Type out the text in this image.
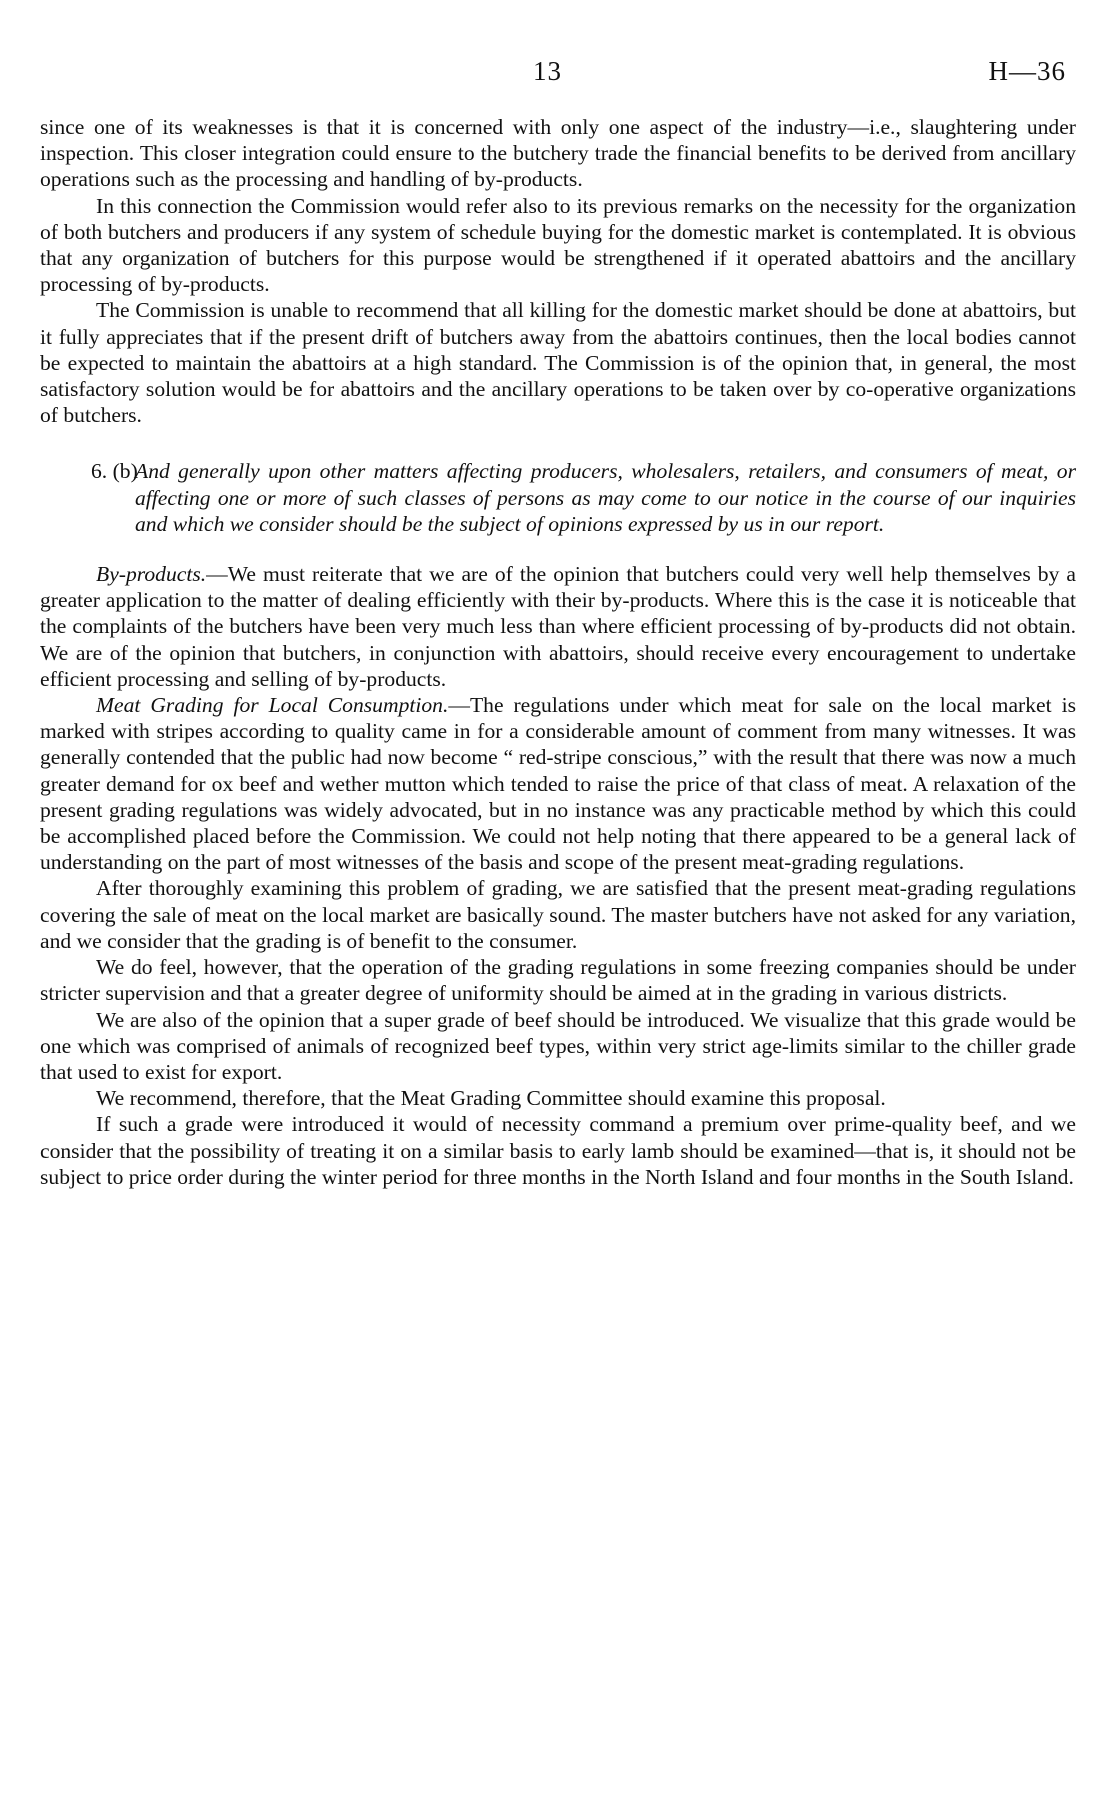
13	H—36

since one of its weaknesses is that it is concerned with only one aspect of the industry—i.e., slaughtering under inspection. This closer integration could ensure to the butchery trade the financial benefits to be derived from ancillary operations such as the processing and handling of by-products.

In this connection the Commission would refer also to its previous remarks on the necessity for the organization of both butchers and producers if any system of schedule buying for the domestic market is contemplated. It is obvious that any organization of butchers for this purpose would be strengthened if it operated abattoirs and the ancillary processing of by-products.

The Commission is unable to recommend that all killing for the domestic market should be done at abattoirs, but it fully appreciates that if the present drift of butchers away from the abattoirs continues, then the local bodies cannot be expected to maintain the abattoirs at a high standard. The Commission is of the opinion that, in general, the most satisfactory solution would be for abattoirs and the ancillary operations to be taken over by co-operative organizations of butchers.

6. (b)
And generally upon other matters affecting producers, wholesalers, retailers, and consumers of meat, or affecting one or more of such classes of persons as may come to our notice in the course of our inquiries and which we consider should be the subject of opinions expressed by us in our report.

By-products.—We must reiterate that we are of the opinion that butchers could very well help themselves by a greater application to the matter of dealing efficiently with their by-products. Where this is the case it is noticeable that the complaints of the butchers have been very much less than where efficient processing of by-products did not obtain. We are of the opinion that butchers, in conjunction with abattoirs, should receive every encouragement to undertake efficient processing and selling of by-products.

Meat Grading for Local Consumption.—The regulations under which meat for sale on the local market is marked with stripes according to quality came in for a considerable amount of comment from many witnesses. It was generally contended that the public had now become “ red-stripe conscious,” with the result that there was now a much greater demand for ox beef and wether mutton which tended to raise the price of that class of meat. A relaxation of the present grading regulations was widely advocated, but in no instance was any practicable method by which this could be accomplished placed before the Commission. We could not help noting that there appeared to be a general lack of understanding on the part of most witnesses of the basis and scope of the present meat-grading regulations.

After thoroughly examining this problem of grading, we are satisfied that the present meat-grading regulations covering the sale of meat on the local market are basically sound. The master butchers have not asked for any variation, and we consider that the grading is of benefit to the consumer.

We do feel, however, that the operation of the grading regulations in some freezing companies should be under stricter supervision and that a greater degree of uniformity should be aimed at in the grading in various districts.

We are also of the opinion that a super grade of beef should be introduced. We visualize that this grade would be one which was comprised of animals of recognized beef types, within very strict age-limits similar to the chiller grade that used to exist for export.

We recommend, therefore, that the Meat Grading Committee should examine this proposal.

If such a grade were introduced it would of necessity command a premium over prime-quality beef, and we consider that the possibility of treating it on a similar basis to early lamb should be examined—that is, it should not be subject to price order during the winter period for three months in the North Island and four months in the South Island.
